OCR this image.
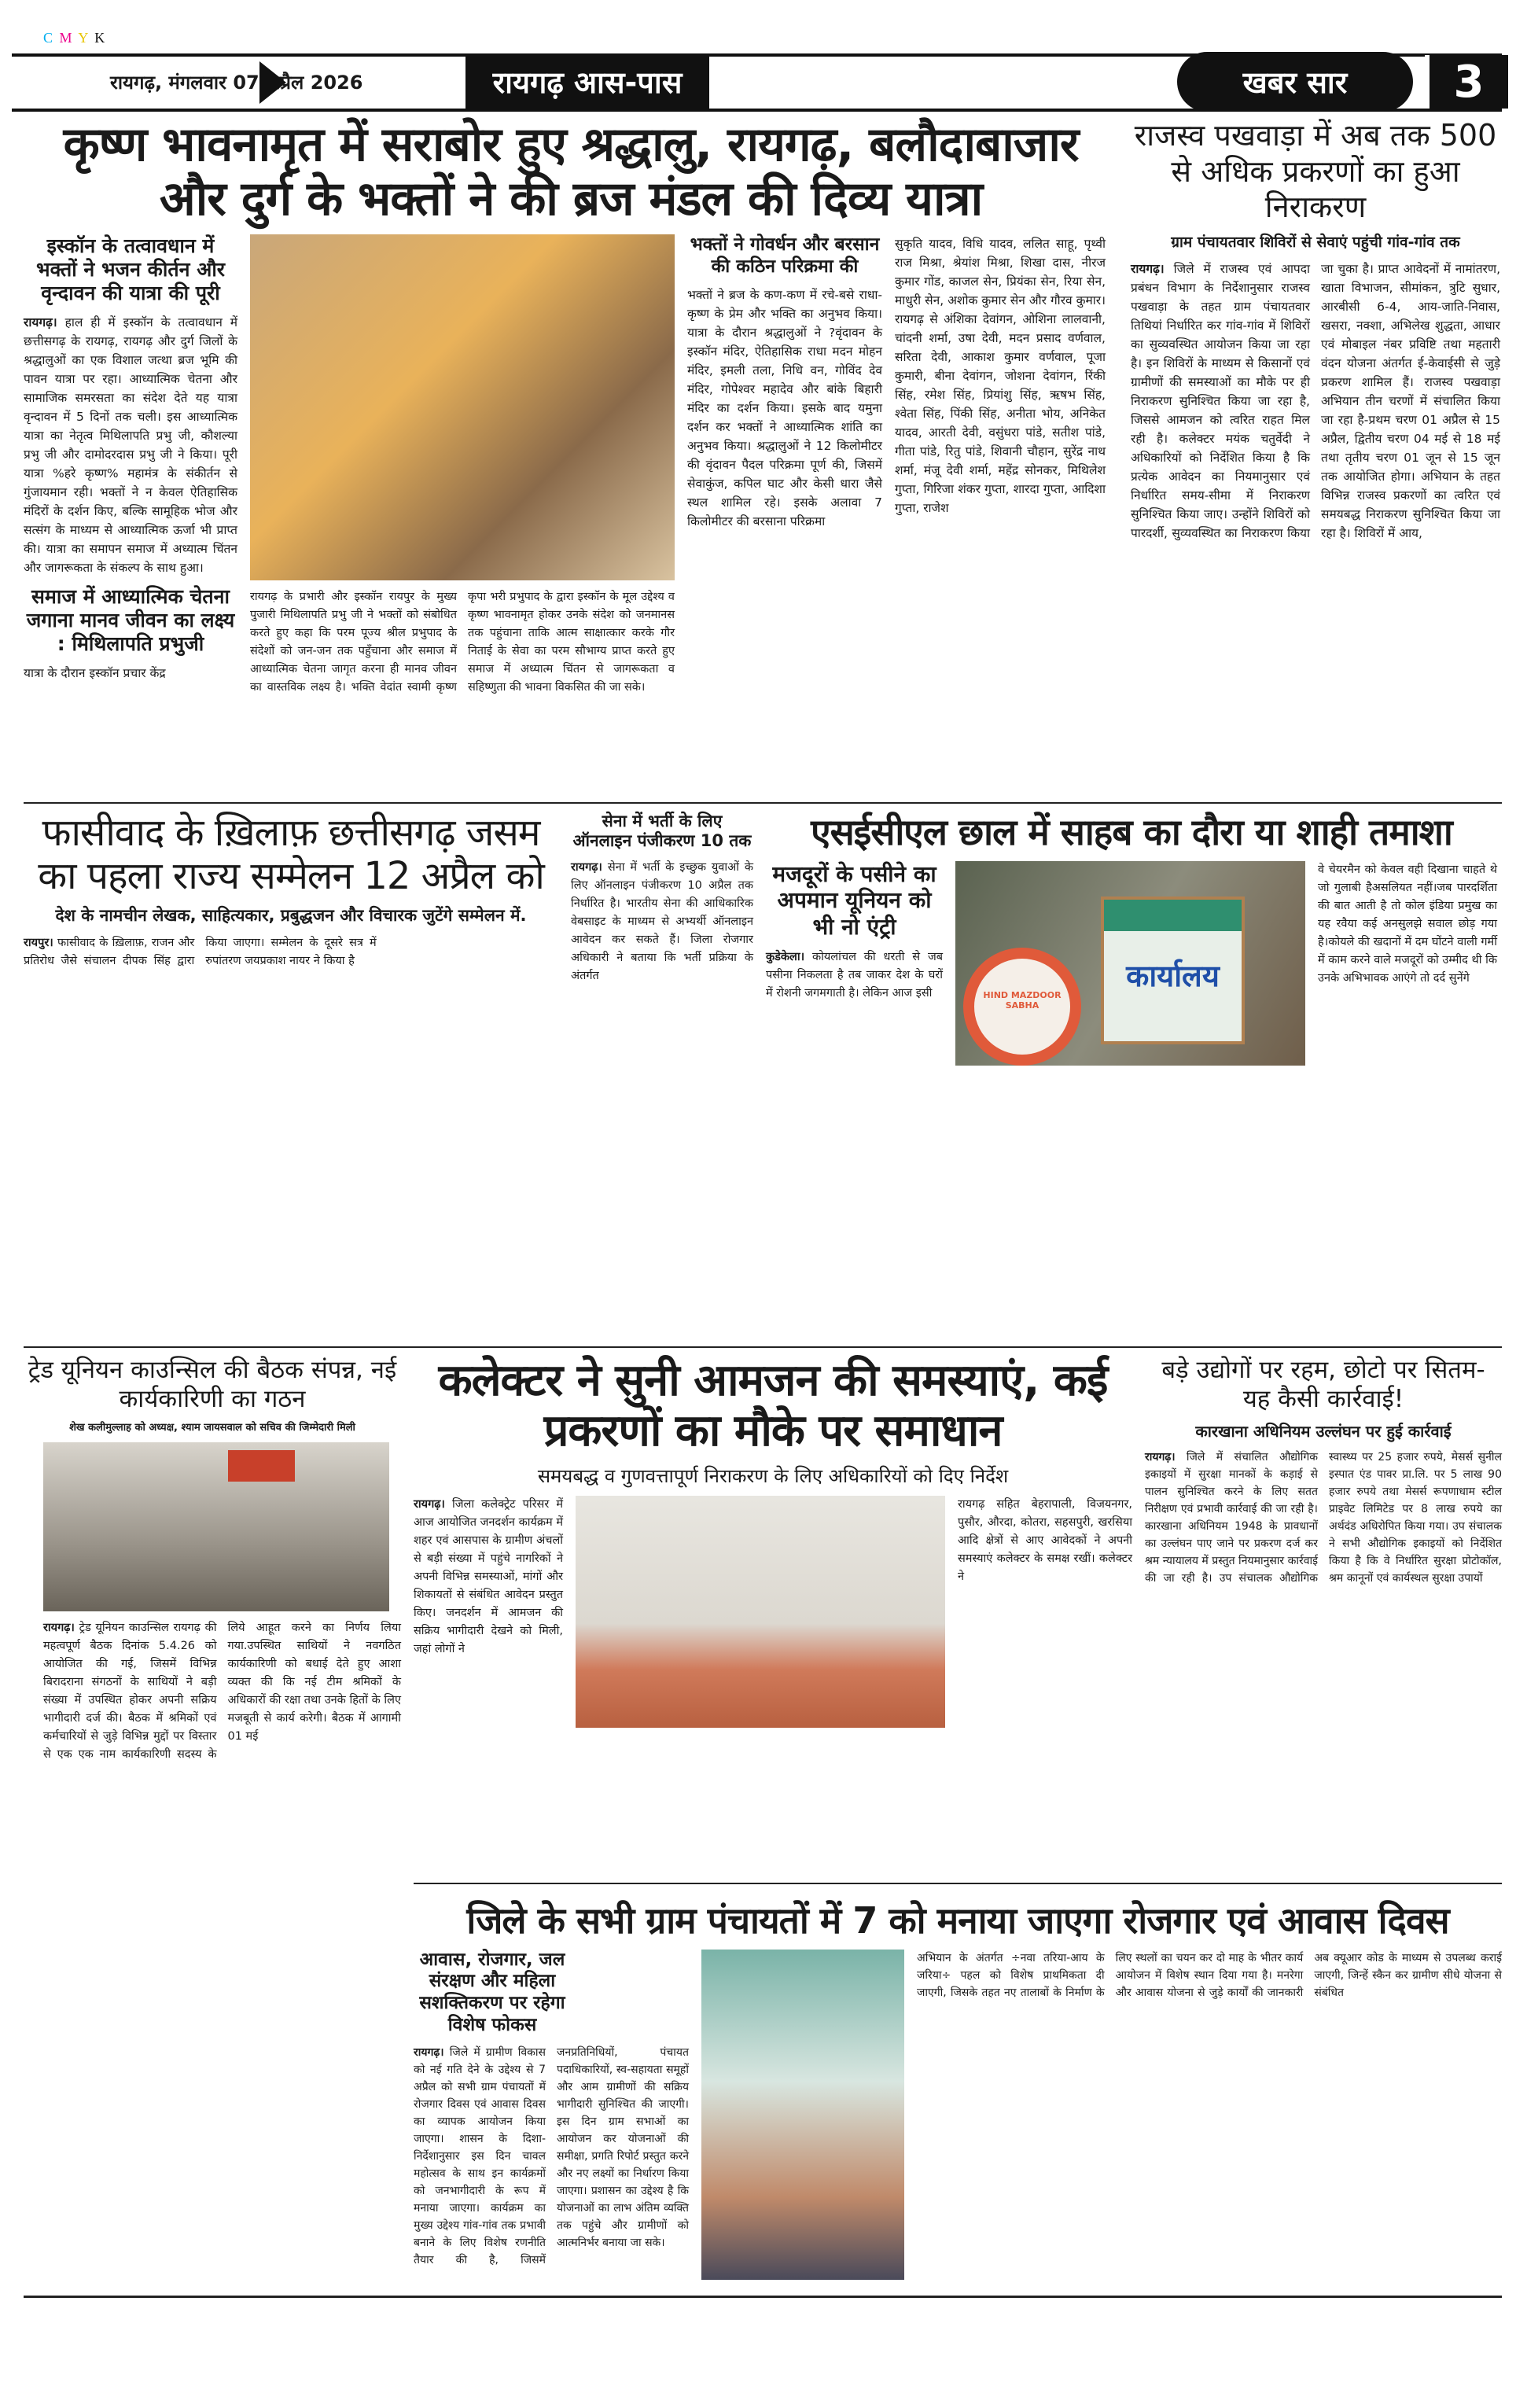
C M Y K
रायगढ़, मंगलवार 07 अप्रैल 2026	रायगढ़ आस-पास	खबर सार	3
कृष्ण भावनामृत में सराबोर हुए श्रद्धालु, रायगढ़, बलौदाबाजार और दुर्ग के भक्तों ने की ब्रज मंडल की दिव्य यात्रा
इस्कॉन के तत्वावधान में भक्तों ने भजन कीर्तन और वृन्दावन की यात्रा की पूरी
रायगढ़। हाल ही में इस्कॉन के तत्वावधान में छत्तीसगढ़ के रायगढ़, रायगढ़ और दुर्ग जिलों के श्रद्धालुओं का एक विशाल जत्था ब्रज भूमि की पावन यात्रा पर रहा। आध्यात्मिक चेतना और सामाजिक समरसता का संदेश देते यह यात्रा वृन्दावन में 5 दिनों तक चली। इस आध्यात्मिक यात्रा का नेतृत्व मिथिलापति प्रभु जी, कौशल्या प्रभु जी और दामोदरदास प्रभु जी ने किया। पूरी यात्रा %हरे कृष्ण% महामंत्र के संकीर्तन से गुंजायमान रही। भक्तों ने न केवल ऐतिहासिक मंदिरों के दर्शन किए, बल्कि सामूहिक भोज और सत्संग के माध्यम से आध्यात्मिक ऊर्जा भी प्राप्त की। यात्रा का समापन समाज में अध्यात्म चिंतन और जागरूकता के संकल्प के साथ हुआ।
समाज में आध्यात्मिक चेतना जगाना मानव जीवन का लक्ष्य : मिथिलापति प्रभुजी
यात्रा के दौरान इस्कॉन प्रचार केंद्र
रायगढ़ के प्रभारी और इस्कॉन रायपुर के मुख्य पुजारी मिथिलापति प्रभु जी ने भक्तों को संबोधित करते हुए कहा कि परम पूज्य श्रील प्रभुपाद के संदेशों को जन-जन तक पहुँचाना और समाज में आध्यात्मिक चेतना जागृत करना ही मानव जीवन का वास्तविक लक्ष्य है। भक्ति वेदांत स्वामी कृष्ण कृपा भरी प्रभुपाद के द्वारा इस्कॉन के मूल उद्देश्य व कृष्ण भावनामृत होकर उनके संदेश को जनमानस तक पहुंचाना ताकि आत्म साक्षात्कार करके गौर निताई के सेवा का परम सौभाग्य प्राप्त करते हुए समाज में अध्यात्म चिंतन से जागरूकता व सहिष्णुता की भावना विकसित की जा सके।
भक्तों ने गोवर्धन और बरसान की कठिन परिक्रमा की
भक्तों ने ब्रज के कण-कण में रचे-बसे राधा-कृष्ण के प्रेम और भक्ति का अनुभव किया। यात्रा के दौरान श्रद्धालुओं ने ?वृंदावन के इस्कॉन मंदिर, ऐतिहासिक राधा मदन मोहन मंदिर, इमली तला, निधि वन, गोविंद देव मंदिर, गोपेश्वर महादेव और बांके बिहारी मंदिर का दर्शन किया। इसके बाद यमुना दर्शन कर भक्तों ने आध्यात्मिक शांति का अनुभव किया। श्रद्धालुओं ने 12 किलोमीटर की वृंदावन पैदल परिक्रमा पूर्ण की, जिसमें सेवाकुंज, कपिल घाट और केसी धारा जैसे स्थल शामिल रहे। इसके अलावा 7 किलोमीटर की बरसाना परिक्रमा
सुकृति यादव, विधि यादव, ललित साहू, पृथ्वी राज मिश्रा, श्रेयांश मिश्रा, शिखा दास, नीरज कुमार गोंड, काजल सेन, प्रियंका सेन, रिया सेन, माधुरी सेन, अशोक कुमार सेन और गौरव कुमार। रायगढ़ से अंशिका देवांगन, ओशिना लालवानी, चांदनी शर्मा, उषा देवी, मदन प्रसाद वर्णवाल, सरिता देवी, आकाश कुमार वर्णवाल, पूजा कुमारी, बीना देवांगन, जोशना देवांगन, रिंकी सिंह, रमेश सिंह, प्रियांशु सिंह, ऋषभ सिंह, श्वेता सिंह, पिंकी सिंह, अनीता भोय, अनिकेत यादव, आरती देवी, वसुंधरा पांडे, सतीश पांडे, गीता पांडे, रितु पांडे, शिवानी चौहान, सुरेंद्र नाथ शर्मा, मंजू देवी शर्मा, महेंद्र सोनकर, मिथिलेश गुप्ता, गिरिजा शंकर गुप्ता, शारदा गुप्ता, आदिशा गुप्ता, राजेश
राजस्व पखवाड़ा में अब तक 500 से अधिक प्रकरणों का हुआ निराकरण
ग्राम पंचायतवार शिविरों से सेवाएं पहुंची गांव-गांव तक
रायगढ़। जिले में राजस्व एवं आपदा प्रबंधन विभाग के निर्देशानुसार राजस्व पखवाड़ा के तहत ग्राम पंचायतवार तिथियां निर्धारित कर गांव-गांव में शिविरों का सुव्यवस्थित आयोजन किया जा रहा है। इन शिविरों के माध्यम से किसानों एवं ग्रामीणों की समस्याओं का मौके पर ही निराकरण सुनिश्चित किया जा रहा है, जिससे आमजन को त्वरित राहत मिल रही है। कलेक्टर मयंक चतुर्वेदी ने अधिकारियों को निर्देशित किया है कि प्रत्येक आवेदन का नियमानुसार एवं निर्धारित समय-सीमा में निराकरण सुनिश्चित किया जाए। उन्होंने शिविरों को पारदर्शी, सुव्यवस्थित का निराकरण किया जा चुका है। प्राप्त आवेदनों में नामांतरण, खाता विभाजन, सीमांकन, त्रुटि सुधार, आरबीसी 6-4, आय-जाति-निवास, खसरा, नक्शा, अभिलेख शुद्धता, आधार एवं मोबाइल नंबर प्रविष्टि तथा महतारी वंदन योजना अंतर्गत ई-केवाईसी से जुड़े प्रकरण शामिल हैं। राजस्व पखवाड़ा अभियान तीन चरणों में संचालित किया जा रहा है-प्रथम चरण 01 अप्रैल से 15 अप्रैल, द्वितीय चरण 04 मई से 18 मई तथा तृतीय चरण 01 जून से 15 जून तक आयोजित होगा। अभियान के तहत विभिन्न राजस्व प्रकरणों का त्वरित एवं समयबद्ध निराकरण सुनिश्चित किया जा रहा है। शिविरों में आय,
फासीवाद के ख़िलाफ़ छत्तीसगढ़ जसम का पहला राज्य सम्मेलन 12 अप्रैल को
देश के नामचीन लेखक, साहित्यकार, प्रबुद्धजन और विचारक जुटेंगे सम्मेलन में.
रायपुर। फासीवाद के ख़िलाफ़, राजन और प्रतिरोध जैसे संचालन दीपक सिंह द्वारा किया जाएगा। सम्मेलन के दूसरे सत्र में रुपांतरण जयप्रकाश नायर ने किया है
सेना में भर्ती के लिए ऑनलाइन पंजीकरण 10 तक
रायगढ़। सेना में भर्ती के इच्छुक युवाओं के लिए ऑनलाइन पंजीकरण 10 अप्रैल तक निर्धारित है। भारतीय सेना की आधिकारिक वेबसाइट के माध्यम से अभ्यर्थी ऑनलाइन आवेदन कर सकते हैं। जिला रोजगार अधिकारी ने बताया कि भर्ती प्रक्रिया के अंतर्गत
एसईसीएल छाल में साहब का दौरा या शाही तमाशा
मजदूरों के पसीने का अपमान यूनियन को भी नो एंट्री
कुडेकेला। कोयलांचल की धरती से जब पसीना निकलता है तब जाकर देश के घरों में रोशनी जगमगाती है। लेकिन आज इसी	कार्यालय
HIND MAZDOOR SABHA
वे चेयरमैन को केवल वही दिखाना चाहते थे जो गुलाबी हैअसलियत नहीं।जब पारदर्शिता की बात आती है तो कोल इंडिया प्रमुख का यह रवैया कई अनसुलझे सवाल छोड़ गया है।कोयले की खदानों में दम घोंटने वाली गर्मी में काम करने वाले मजदूरों को उम्मीद थी कि उनके अभिभावक आएंगे तो दर्द सुनेंगे
ट्रेड यूनियन काउन्सिल की बैठक संपन्न, नई कार्यकारिणी का गठन
शेख कलीमुल्लाह को अध्यक्ष, श्याम जायसवाल को सचिव की जिम्मेदारी मिली
रायगढ़। ट्रेड यूनियन काउन्सिल रायगढ़ की महत्वपूर्ण बैठक दिनांक 5.4.26 को आयोजित की गई, जिसमें विभिन्न बिरादराना संगठनों के साथियों ने बड़ी संख्या में उपस्थित होकर अपनी सक्रिय भागीदारी दर्ज की। बैठक में श्रमिकों एवं कर्मचारियों से जुड़े विभिन्न मुद्दों पर विस्तार से एक एक नाम कार्यकारिणी सदस्य के लिये आहूत करने का निर्णय लिया गया.उपस्थित साथियों ने नवगठित कार्यकारिणी को बधाई देते हुए आशा व्यक्त की कि नई टीम श्रमिकों के अधिकारों की रक्षा तथा उनके हितों के लिए मजबूती से कार्य करेगी। बैठक में आगामी 01 मई
कलेक्टर ने सुनी आमजन की समस्याएं, कई प्रकरणों का मौके पर समाधान
समयबद्ध व गुणवत्तापूर्ण निराकरण के लिए अधिकारियों को दिए निर्देश
रायगढ़। जिला कलेक्ट्रेट परिसर में आज आयोजित जनदर्शन कार्यक्रम में शहर एवं आसपास के ग्रामीण अंचलों से बड़ी संख्या में पहुंचे नागरिकों ने अपनी विभिन्न समस्याओं, मांगों और शिकायतों से संबंधित आवेदन प्रस्तुत किए। जनदर्शन में आमजन की सक्रिय भागीदारी देखने को मिली, जहां लोगों ने
रायगढ़ सहित बेहरापाली, विजयनगर, पुसौर, औरदा, कोतरा, सहसपुरी, खरसिया आदि क्षेत्रों से आए आवेदकों ने अपनी समस्याएं कलेक्टर के समक्ष रखीं। कलेक्टर ने
बड़े उद्योगों पर रहम, छोटो पर सितम- यह कैसी कार्रवाई!
कारखाना अधिनियम उल्लंघन पर हुई कार्रवाई
रायगढ़। जिले में संचालित औद्योगिक इकाइयों में सुरक्षा मानकों के कड़ाई से पालन सुनिश्चित करने के लिए सतत निरीक्षण एवं प्रभावी कार्रवाई की जा रही है। कारखाना अधिनियम 1948 के प्रावधानों का उल्लंघन पाए जाने पर प्रकरण दर्ज कर श्रम न्यायालय में प्रस्तुत नियमानुसार कार्रवाई की जा रही है। उप संचालक औद्योगिक स्वास्थ्य पर 25 हजार रुपये, मेसर्स सुनील इस्पात एंड पावर प्रा.लि. पर 5 लाख 90 हजार रुपये तथा मेसर्स रूपणाधाम स्टील प्राइवेट लिमिटेड पर 8 लाख रुपये का अर्थदंड अधिरोपित किया गया। उप संचालक ने सभी औद्योगिक इकाइयों को निर्देशित किया है कि वे निर्धारित सुरक्षा प्रोटोकॉल, श्रम कानूनों एवं कार्यस्थल सुरक्षा उपायों
जिले के सभी ग्राम पंचायतों में 7 को मनाया जाएगा रोजगार एवं आवास दिवस
आवास, रोजगार, जल संरक्षण और महिला सशक्तिकरण पर रहेगा विशेष फोकस
रायगढ़। जिले में ग्रामीण विकास को नई गति देने के उद्देश्य से 7 अप्रैल को सभी ग्राम पंचायतों में रोजगार दिवस एवं आवास दिवस का व्यापक आयोजन किया जाएगा। शासन के दिशा-निर्देशानुसार इस दिन चावल महोत्सव के साथ इन कार्यक्रमों को जनभागीदारी के रूप में मनाया जाएगा। कार्यक्रम का मुख्य उद्देश्य गांव-गांव तक प्रभावी बनाने के लिए विशेष रणनीति तैयार की है, जिसमें जनप्रतिनिधियों, पंचायत पदाधिकारियों, स्व-सहायता समूहों और आम ग्रामीणों की सक्रिय भागीदारी सुनिश्चित की जाएगी। इस दिन ग्राम सभाओं का आयोजन कर योजनाओं की समीक्षा, प्रगति रिपोर्ट प्रस्तुत करने और नए लक्ष्यों का निर्धारण किया जाएगा। प्रशासन का उद्देश्य है कि योजनाओं का लाभ अंतिम व्यक्ति तक पहुंचे और ग्रामीणों को आत्मनिर्भर बनाया जा सके।
अभियान के अंतर्गत ÷नवा तरिया-आय के जरिया÷ पहल को विशेष प्राथमिकता दी जाएगी, जिसके तहत नए तालाबों के निर्माण के लिए स्थलों का चयन कर दो माह के भीतर कार्य आयोजन में विशेष स्थान दिया गया है। मनरेगा और आवास योजना से जुड़े कार्यों की जानकारी अब क्यूआर कोड के माध्यम से उपलब्ध कराई जाएगी, जिन्हें स्कैन कर ग्रामीण सीधे योजना से संबंधित
